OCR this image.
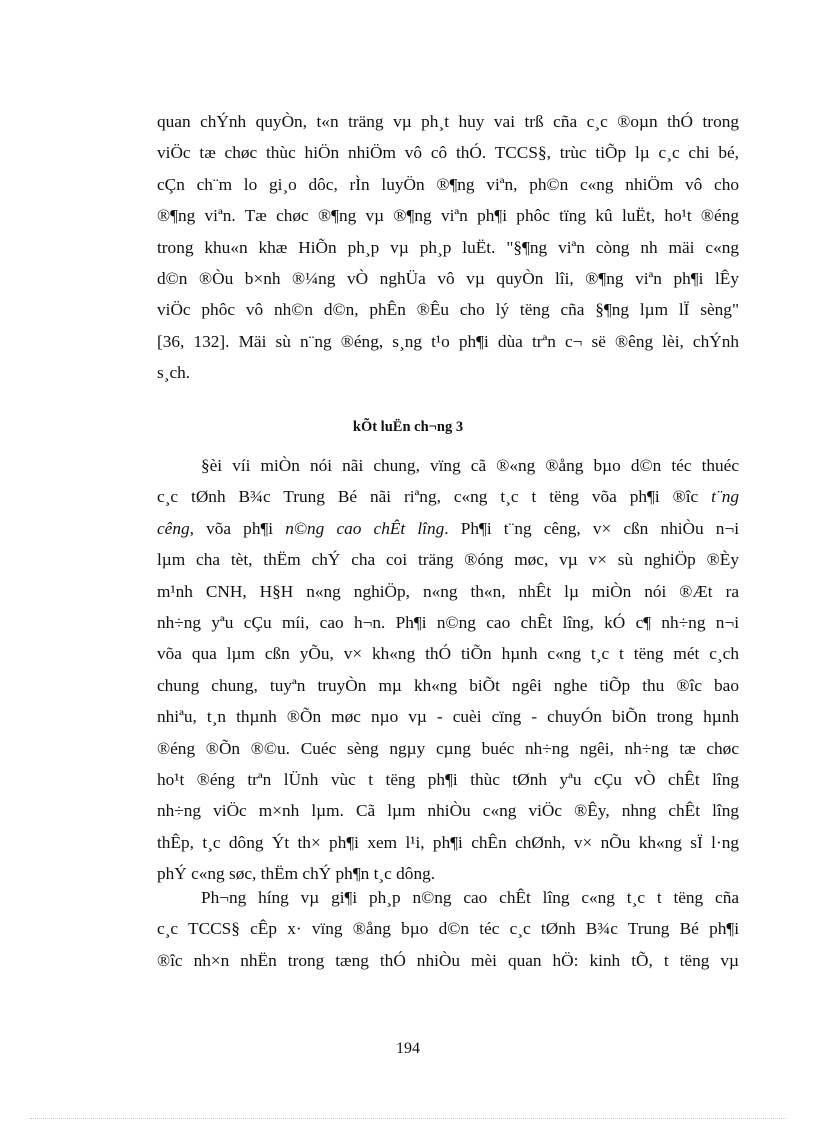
quan chÝnh quyÒn, t«n träng vµ ph¸t huy vai trß cña c¸c ®oµn thÓ trong
viÖc tæ chøc thùc hiÖn nhiÖm vô cô thÓ. TCCS§, trùc tiÕp lµ c¸c chi bé,
cÇn ch¨m lo gi¸o dôc, rÌn luyÖn ®¶ng viªn, ph©n c«ng nhiÖm vô cho
®¶ng viªn. Tæ chøc ®¶ng vµ ®¶ng viªn ph¶i phôc tïng kû luËt, ho¹t ®éng
trong khu«n khæ HiÕn ph¸p vµ ph¸p luËt. "§¶ng viªn còng nh mäi c«ng
d©n ®Òu b×nh ®¼ng vÒ nghÜa vô vµ quyÒn lîi, ®¶ng viªn ph¶i lÊy
viÖc phôc vô nh©n d©n, phÊn ®Êu cho lý tëng cña §¶ng lµm lÏ sèng"
[36, 132]. Mäi sù n¨ng ®éng, s¸ng t¹o ph¶i dùa trªn c¬ së ®êng lèi, chÝnh
s¸ch.
kÕt luËn ch¬ng 3
§èi víi miÒn nói nãi chung, vïng cã ®«ng ®ång bµo d©n téc thuéc
c¸c tØnh B¾c Trung Bé nãi riªng, c«ng t¸c t tëng võa ph¶i ®îc t¨ng
cêng, võa ph¶i n©ng cao chÊt lîng. Ph¶i t¨ng cêng, v× cßn nhiÒu n¬i
lµm cha tèt, thËm chÝ cha coi träng ®óng møc, vµ v× sù nghiÖp ®Èy
m¹nh CNH, H§H n«ng nghiÖp, n«ng th«n, nhÊt lµ miÒn nói ®Æt ra
nh÷ng yªu cÇu míi, cao h¬n. Ph¶i n©ng cao chÊt lîng, kÓ c¶ nh÷ng n¬i
võa qua lµm cßn yÕu, v× kh«ng thÓ tiÕn hµnh c«ng t¸c t tëng mét c¸ch
chung chung, tuyªn truyÒn mµ kh«ng biÕt ngêi nghe tiÕp thu ®îc bao
nhiªu, t¸n thµnh ®Õn møc nµo vµ - cuèi cïng - chuyÓn biÕn trong hµnh
®éng ®Õn ®©u. Cuéc sèng ngµy cµng buéc nh÷ng ngêi, nh÷ng tæ chøc
ho¹t ®éng trªn lÜnh vùc t tëng ph¶i thùc tØnh yªu cÇu vÒ chÊt lîng
nh÷ng viÖc m×nh lµm. Cã lµm nhiÒu c«ng viÖc ®Êy, nhng chÊt lîng
thÊp, t¸c dông Ýt th× ph¶i xem l¹i, ph¶i chÊn chØnh, v× nÕu kh«ng sÏ l·ng
phÝ c«ng søc, thËm chÝ ph¶n t¸c dông.
Ph¬ng híng vµ gi¶i ph¸p n©ng cao chÊt lîng c«ng t¸c t tëng cña
c¸c TCCS§ cÊp x· vïng ®ång bµo d©n téc c¸c tØnh B¾c Trung Bé ph¶i
®îc nh×n nhËn trong tæng thÓ nhiÒu mèi quan hÖ: kinh tÕ, t tëng vµ
194
